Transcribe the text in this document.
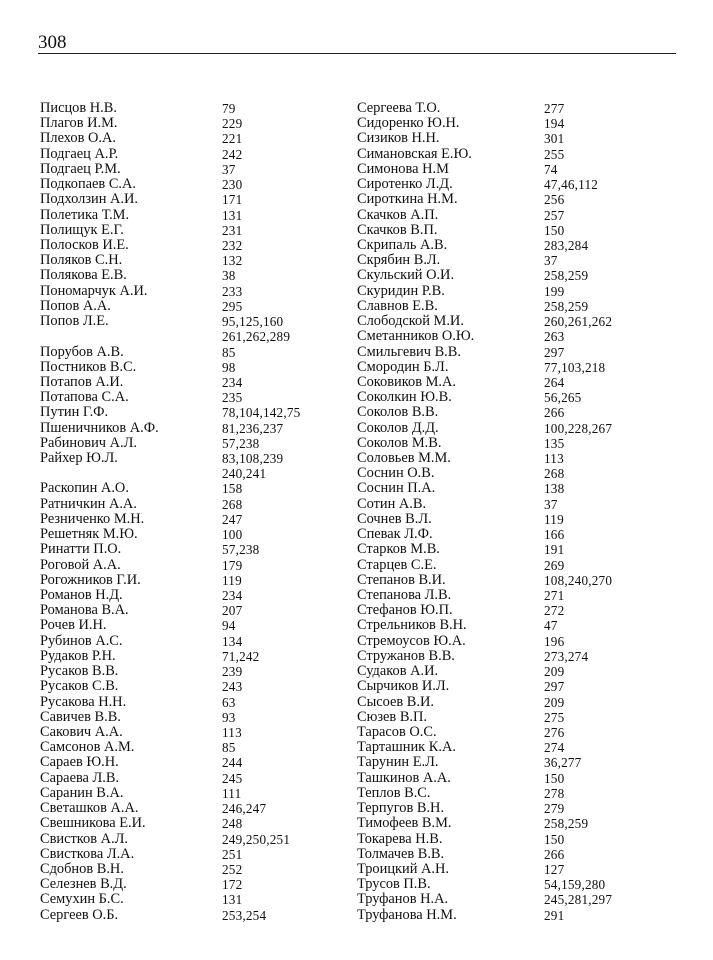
308
Писцов Н.В.	79
Плагов И.М.	229
Плехов О.А.	221
Подгаец А.Р.	242
Подгаец Р.М.	37
Подкопаев С.А.	230
Подхолзин А.И.	171
Полетика Т.М.	131
Полищук Е.Г.	231
Полосков И.Е.	232
Поляков С.Н.	132
Полякова Е.В.	38
Пономарчук А.И.	233
Попов А.А.	295
Попов Л.Е.	95,125,160
261,262,289
Порубов А.В.	85
Постников В.С.	98
Потапов А.И.	234
Потапова С.А.	235
Путин Г.Ф.	78,104,142,75
Пшеничников А.Ф.	81,236,237
Рабинович А.Л.	57,238
Райхер Ю.Л.	83,108,239
240,241
Раскопин А.О.	158
Ратничкин А.А.	268
Резниченко М.Н.	247
Решетняк М.Ю.	100
Ринатти П.О.	57,238
Роговой А.А.	179
Рогожников Г.И.	119
Романов Н.Д.	234
Романова В.А.	207
Рочев И.Н.	94
Рубинов А.С.	134
Рудаков Р.Н.	71,242
Русаков В.В.	239
Русаков С.В.	243
Русакова Н.Н.	63
Савичев В.В.	93
Сакович А.А.	113
Самсонов А.М.	85
Сараев Ю.Н.	244
Сараева Л.В.	245
Саранин В.А.	111
Светашков А.А.	246,247
Свешникова Е.И.	248
Свистков А.Л.	249,250,251
Свисткова Л.А.	251
Сдобнов В.Н.	252
Селезнев В.Д.	172
Семухин Б.С.	131
Сергеев О.Б.	253,254
Сергеева Т.О.	277
Сидоренко Ю.Н.	194
Сизиков Н.Н.	301
Симановская Е.Ю.	255
Симонова Н.М	74
Сиротенко Л.Д.	47,46,112
Сироткина Н.М.	256
Скачков А.П.	257
Скачков В.П.	150
Скрипаль А.В.	283,284
Скрябин В.Л.	37
Скульский О.И.	258,259
Скуридин Р.В.	199
Славнов Е.В.	258,259
Слободской М.И.	260,261,262
Сметанников О.Ю.	263
Смильгевич В.В.	297
Смородин Б.Л.	77,103,218
Соковиков М.А.	264
Соколкин Ю.В.	56,265
Соколов В.В.	266
Соколов Д.Д.	100,228,267
Соколов М.В.	135
Соловьев М.М.	113
Соснин О.В.	268
Соснин П.А.	138
Сотин А.В.	37
Сочнев В.Л.	119
Спевак Л.Ф.	166
Старков М.В.	191
Старцев С.Е.	269
Степанов В.И.	108,240,270
Степанова Л.В.	271
Стефанов Ю.П.	272
Стрельников В.Н.	47
Стремоусов Ю.А.	196
Стружанов В.В.	273,274
Судаков А.И.	209
Сырчиков И.Л.	297
Сысоев В.И.	209
Сюзев В.П.	275
Тарасов О.С.	276
Тарташник К.А.	274
Тарунин Е.Л.	36,277
Ташкинов А.А.	150
Теплов В.С.	278
Терпугов В.Н.	279
Тимофеев В.М.	258,259
Токарева Н.В.	150
Толмачев В.В.	266
Троицкий А.Н.	127
Трусов П.В.	54,159,280
Труфанов Н.А.	245,281,297
Труфанова Н.М.	291
